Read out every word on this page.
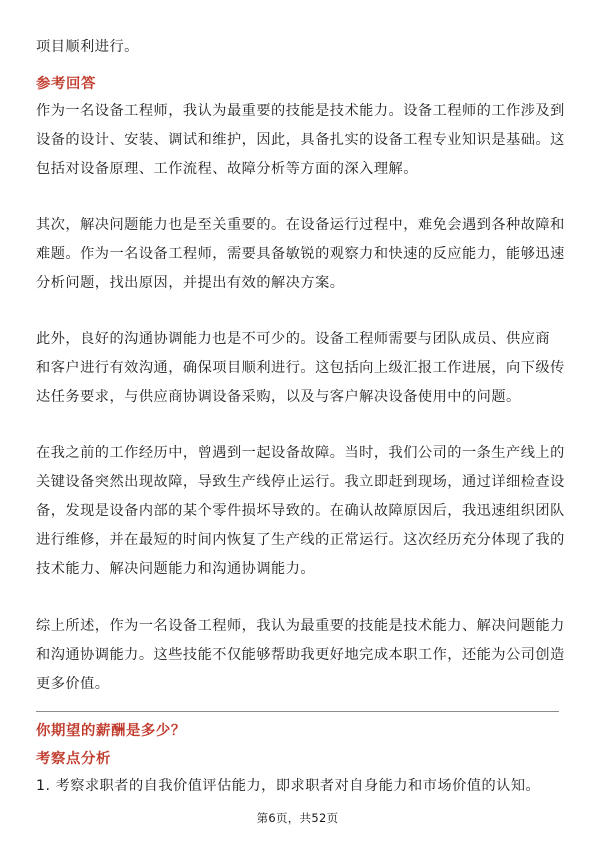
项目顺利进行。
参考回答
作为一名设备工程师，我认为最重要的技能是技术能力。设备工程师的工作涉及到
设备的设计、安装、调试和维护，因此，具备扎实的设备工程专业知识是基础。这
包括对设备原理、工作流程、故障分析等方面的深入理解。
其次，解决问题能力也是至关重要的。在设备运行过程中，难免会遇到各种故障和
难题。作为一名设备工程师，需要具备敏锐的观察力和快速的反应能力，能够迅速
分析问题，找出原因，并提出有效的解决方案。
此外，良好的沟通协调能力也是不可少的。设备工程师需要与团队成员、供应商
和客户进行有效沟通，确保项目顺利进行。这包括向上级汇报工作进展，向下级传
达任务要求，与供应商协调设备采购，以及与客户解决设备使用中的问题。
在我之前的工作经历中，曾遇到一起设备故障。当时，我们公司的一条生产线上的
关键设备突然出现故障，导致生产线停止运行。我立即赶到现场，通过详细检查设
备，发现是设备内部的某个零件损坏导致的。在确认故障原因后，我迅速组织团队
进行维修，并在最短的时间内恢复了生产线的正常运行。这次经历充分体现了我的
技术能力、解决问题能力和沟通协调能力。
综上所述，作为一名设备工程师，我认为最重要的技能是技术能力、解决问题能力
和沟通协调能力。这些技能不仅能够帮助我更好地完成本职工作，还能为公司创造
更多价值。
你期望的薪酬是多少？
考察点分析
1. 考察求职者的自我价值评估能力，即求职者对自身能力和市场价值的认知。
第6页，共52页
